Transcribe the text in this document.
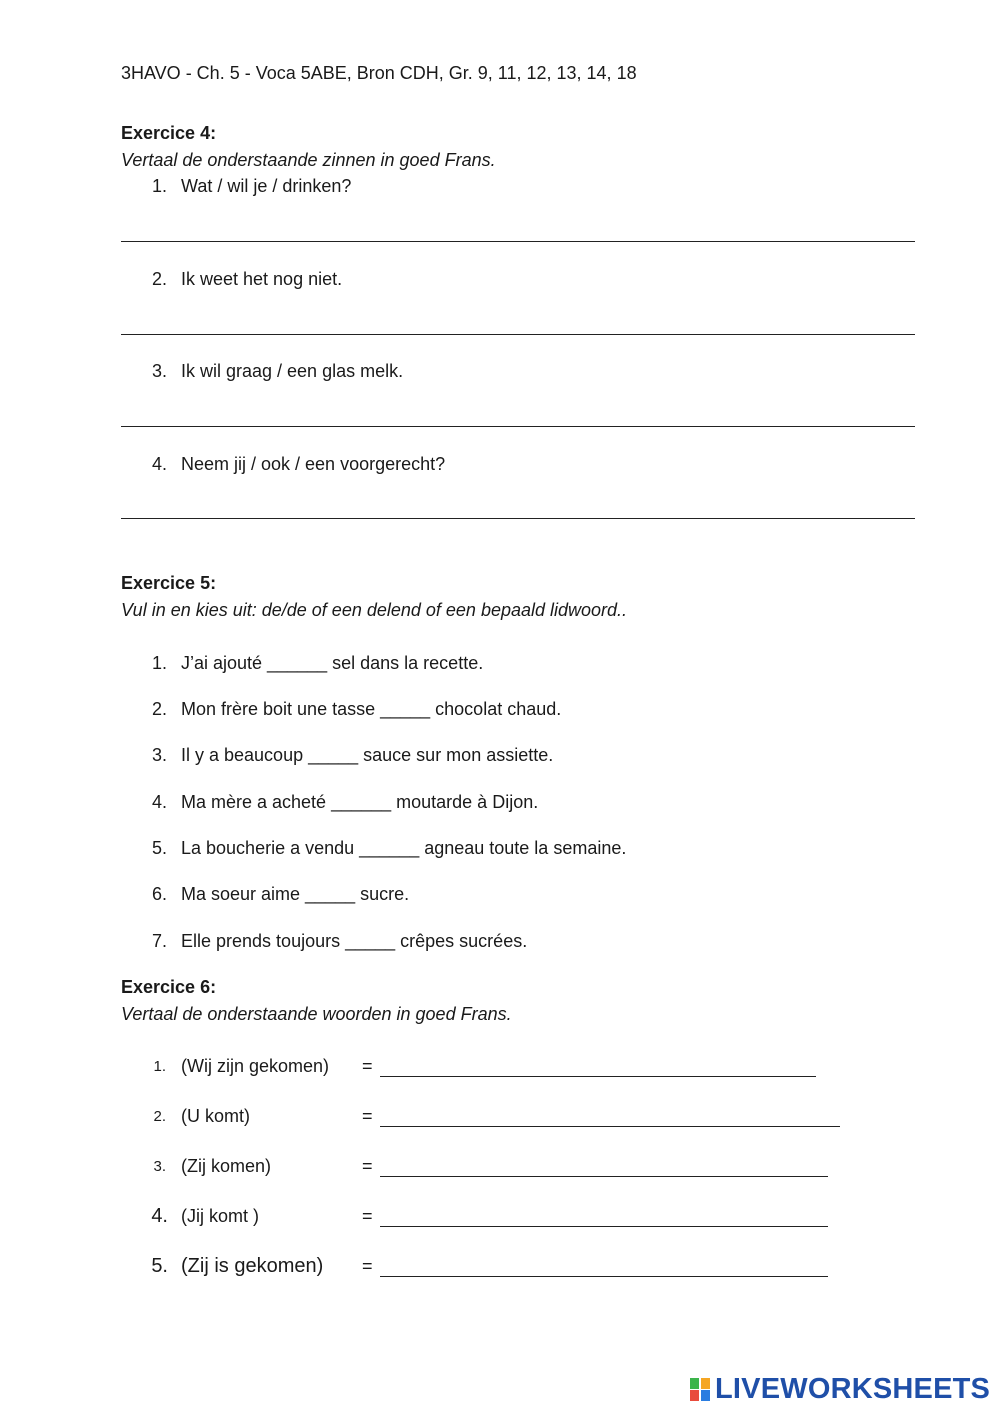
3HAVO - Ch. 5 - Voca 5ABE, Bron CDH, Gr. 9, 11, 12, 13, 14, 18
Exercice 4:
Vertaal de onderstaande zinnen in goed Frans.
1. Wat / wil je / drinken?
2. Ik weet het nog niet.
3. Ik wil graag / een glas melk.
4. Neem jij / ook / een voorgerecht?
Exercice 5:
Vul in en kies uit: de/de of een delend of een bepaald lidwoord..
1. J’ai ajouté ______ sel dans la recette.
2. Mon frère boit une tasse _____ chocolat chaud.
3. Il y a beaucoup _____ sauce sur mon assiette.
4. Ma mère a acheté ______ moutarde à Dijon.
5. La boucherie a vendu ______ agneau toute la semaine.
6. Ma soeur aime _____ sucre.
7. Elle prends toujours _____ crêpes sucrées.
Exercice 6:
Vertaal de onderstaande woorden in goed Frans.
1. (Wij zijn gekomen) =
2. (U komt)	=
3. (Zij komen)	=
4. (Jij komt )	=
5. (Zij is gekomen) =
LIVEWORKSHEETS
